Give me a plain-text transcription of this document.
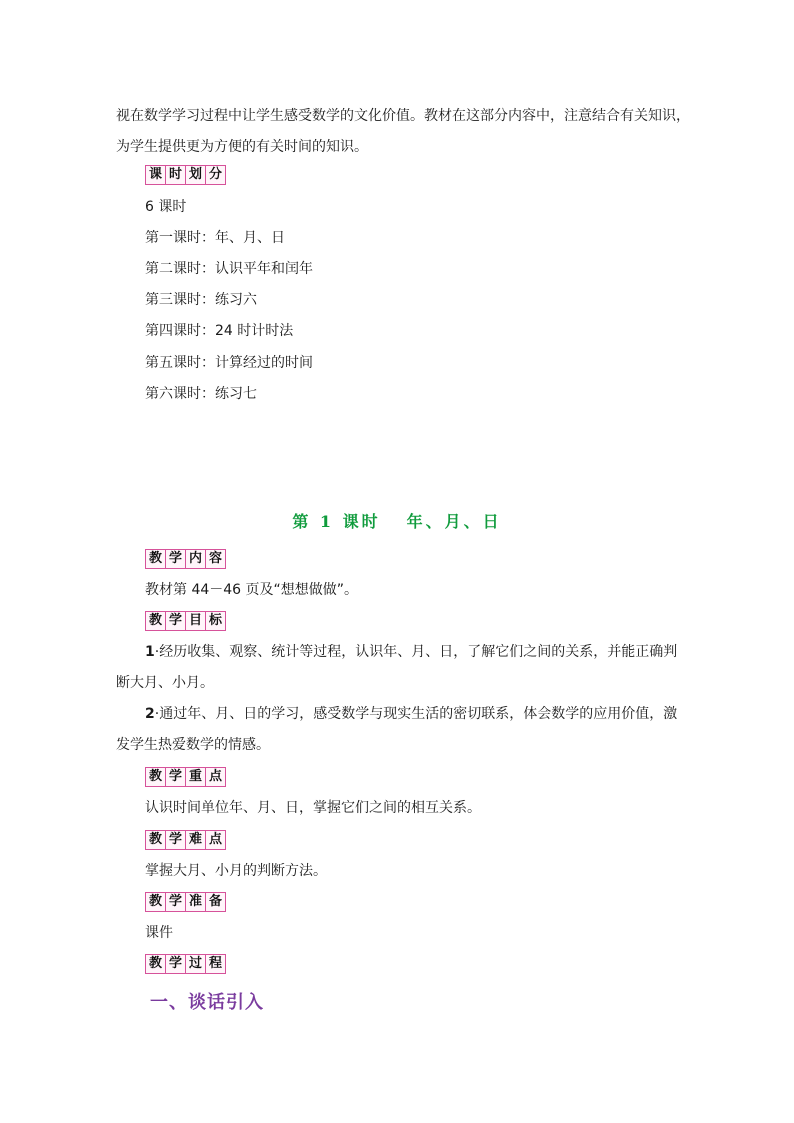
视在数学学习过程中让学生感受数学的文化价值。教材在这部分内容中，注意结合有关知识，

为学生提供更为方便的有关时间的知识。

课 时 划 分

6 课时

第一课时：年、月、日

第二课时：认识平年和闰年

第三课时：练习六

第四课时：24 时计时法

第五课时：计算经过的时间

第六课时：练习七

第 1 课时 年、月、日
教 学 内 容

教材第 44－46 页及“想想做做”。

教 学 目 标

1·经历收集、观察、统计等过程，认识年、月、日，了解它们之间的关系，并能正确判

断大月、小月。

2·通过年、月、日的学习，感受数学与现实生活的密切联系，体会数学的应用价值，激

发学生热爱数学的情感。

教 学 重 点

认识时间单位年、月、日，掌握它们之间的相互关系。

教 学 难 点

掌握大月、小月的判断方法。

教 学 准 备

课件

教 学 过 程
一、谈话引入
